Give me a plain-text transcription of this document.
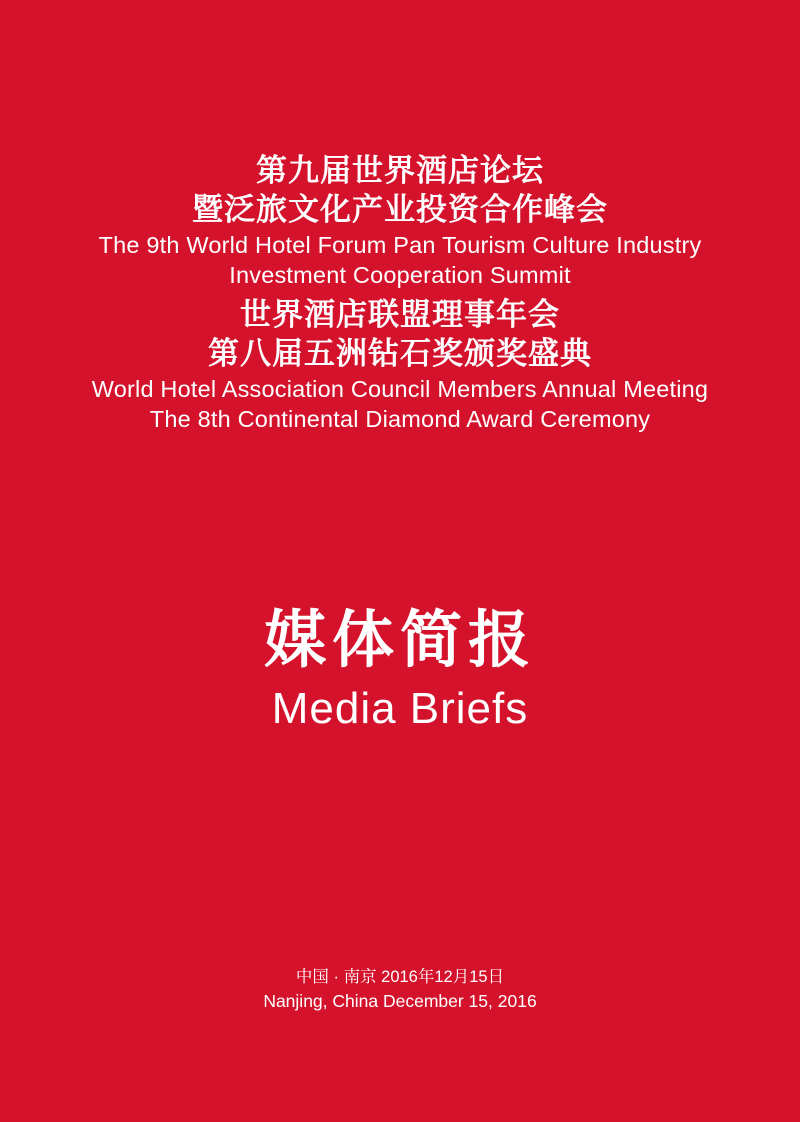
第九届世界酒店论坛
暨泛旅文化产业投资合作峰会
The 9th World Hotel Forum Pan Tourism Culture Industry
Investment Cooperation Summit
世界酒店联盟理事年会
第八届五洲钻石奖颁奖盛典
World Hotel Association Council Members Annual Meeting
The 8th Continental Diamond Award Ceremony
媒体简报
Media Briefs
中国 · 南京 2016年12月15日
Nanjing, China December 15, 2016
